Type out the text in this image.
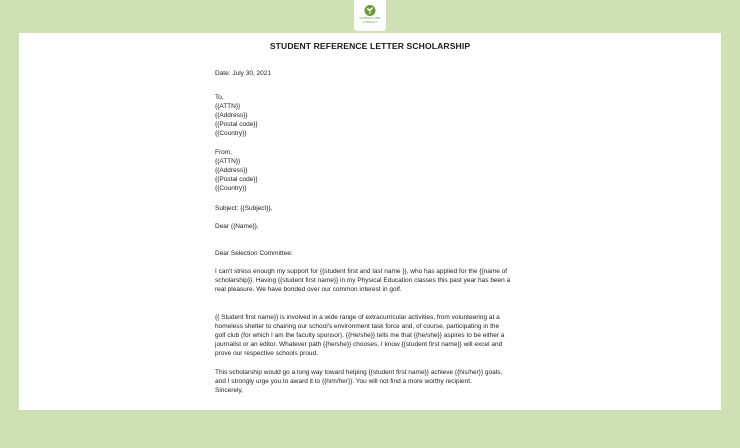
SCIENCE AND
LITERACY
STUDENT REFERENCE LETTER SCHOLARSHIP
Date: July 30, 2021
To,
{{ATTN}}
{{Address}}
{{Postal code}}
{{Country}}
From,
{{ATTN}}
{{Address}}
{{Postal code}}
{{Country}}
Subject: {{Subject}},
Dear {{Name}},
Dear Selection Committee:
I can't stress enough my support for {{student first and last name }}, who has applied for the {{name of
scholarship}}. Having {{student first name}} in my Physical Education classes this past year has been a
real pleasure. We have bonded over our common interest in golf.
{{ Student first name}} is involved in a wide range of extracurricular activities, from volunteering at a
homeless shelter to chairing our school's environment task force and, of course, participating in the
golf club (for which I am the faculty sponsor). {{He/she}} tells me that {{he/she}} aspires to be either a
journalist or an editor. Whatever path {{he/she}} chooses, I know {{student first name}} will excel and
prove our respective schools proud.
This scholarship would go a long way toward helping {{student first name}} achieve {{his/her}} goals,
and I strongly urge you to award it to {{him/her}}. You will not find a more worthy recipient.
Sincerely,
